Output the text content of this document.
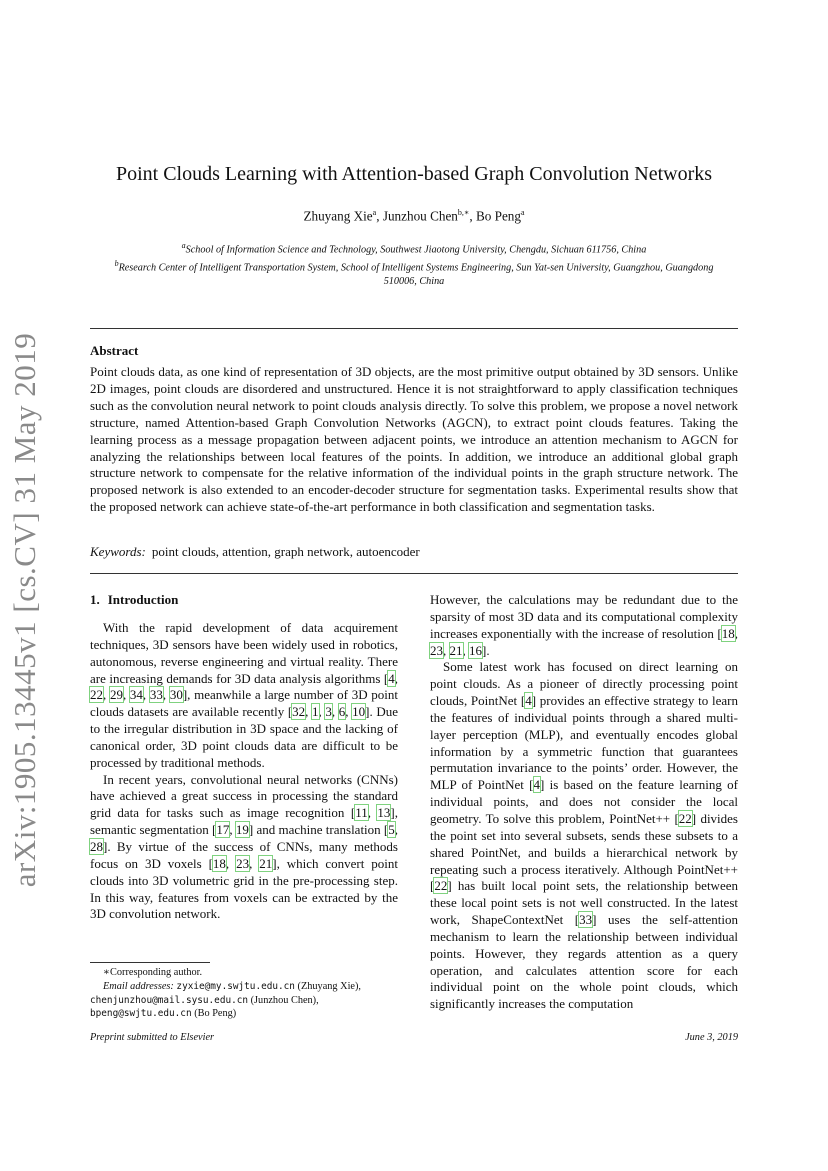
arXiv:1905.13445v1 [cs.CV] 31 May 2019
Point Clouds Learning with Attention-based Graph Convolution Networks
Zhuyang Xie$^a$, Junzhou Chen$^{b,∗}$, Bo Peng$^a$
$^a$School of Information Science and Technology, Southwest Jiaotong University, Chengdu, Sichuan 611756, China
$^b$Research Center of Intelligent Transportation System, School of Intelligent Systems Engineering, Sun Yat-sen University, Guangzhou, Guangdong 510006, China
Abstract

Point clouds data, as one kind of representation of 3D objects, are the most primitive output obtained by 3D sensors. Unlike 2D images, point clouds are disordered and unstructured. Hence it is not straightforward to apply classification techniques such as the convolution neural network to point clouds analysis directly. To solve this problem, we propose a novel network structure, named Attention-based Graph Convolution Networks (AGCN), to extract point clouds features. Taking the learning process as a message propagation between adjacent points, we introduce an attention mechanism to AGCN for analyzing the relationships between local features of the points. In addition, we introduce an additional global graph structure network to compensate for the relative information of the individual points in the graph structure network. The proposed network is also extended to an encoder-decoder structure for segmentation tasks. Experimental results show that the proposed network can achieve state-of-the-art performance in both classification and segmentation tasks.

Keywords: point clouds, attention, graph network, autoencoder
1. Introduction

With the rapid development of data acquirement techniques, 3D sensors have been widely used in robotics, autonomous, reverse engineering and virtual reality. There are increasing demands for 3D data analysis algorithms [4, 22, 29, 34, 33, 30], meanwhile a large number of 3D point clouds datasets are available recently [32, 1, 3, 6, 10]. Due to the irregular distribution in 3D space and the lacking of canonical order, 3D point clouds data are difficult to be processed by traditional methods.

In recent years, convolutional neural networks (CNNs) have achieved a great success in processing the standard grid data for tasks such as image recognition [11, 13], semantic segmentation [17, 19] and machine translation [5, 28]. By virtue of the success of CNNs, many methods focus on 3D voxels [18, 23, 21], which convert point clouds into 3D volumetric grid in the pre-processing step. In this way, features from voxels can be extracted by the 3D convolution network.

However, the calculations may be redundant due to the sparsity of most 3D data and its computational complexity increases exponentially with the increase of resolution [18, 23, 21, 16].

Some latest work has focused on direct learning on point clouds. As a pioneer of directly processing point clouds, PointNet [4] provides an effective strategy to learn the features of individual points through a shared multi-layer perception (MLP), and eventually encodes global information by a symmetric function that guarantees permutation invariance to the points’ order. However, the MLP of PointNet [4] is based on the feature learning of individual points, and does not consider the local geometry. To solve this problem, PointNet++ [22] divides the point set into several subsets, sends these subsets to a shared PointNet, and builds a hierarchical network by repeating such a process iteratively. Although PointNet++ [22] has built local point sets, the relationship between these local point sets is not well constructed. In the latest work, ShapeContextNet [33] uses the self-attention mechanism to learn the relationship between individual points. However, they regards attention as a query operation, and calculates attention score for each individual point on the whole point clouds, which significantly increases the computation

∗Corresponding author.
Email addresses: zyxie@my.swjtu.edu.cn (Zhuyang Xie),
chenjunzhou@mail.sysu.edu.cn (Junzhou Chen),
bpeng@swjtu.edu.cn (Bo Peng)
Preprint submitted to Elsevier	June 3, 2019
